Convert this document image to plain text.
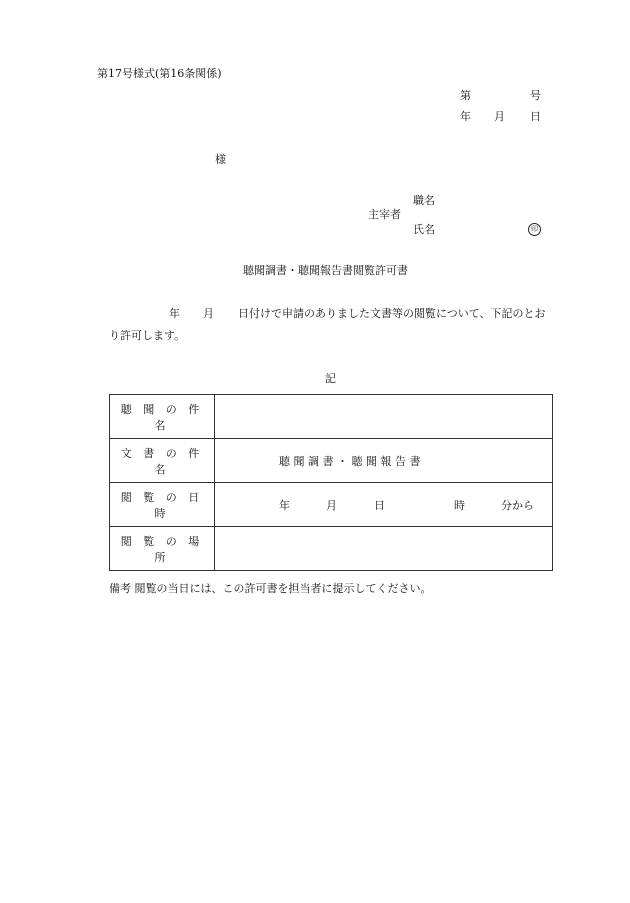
第17号様式(第16条関係)
第	号
年 月 日
様
職名
主宰者
氏名	印
聴聞調書・聴聞報告書閲覧許可書
年 月 日付けで申請のありました文書等の閲覧について、下記のとお
り許可します。
記
聴 聞 の 件 名	
文 書 の 件 名	聴 聞 調 書 ・ 聴 聞 報 告 書

閲 覧 の 日 時	年 月 日 時 分から

閲 覧 の 場 所	
備考 閲覧の当日には、この許可書を担当者に提示してください。
